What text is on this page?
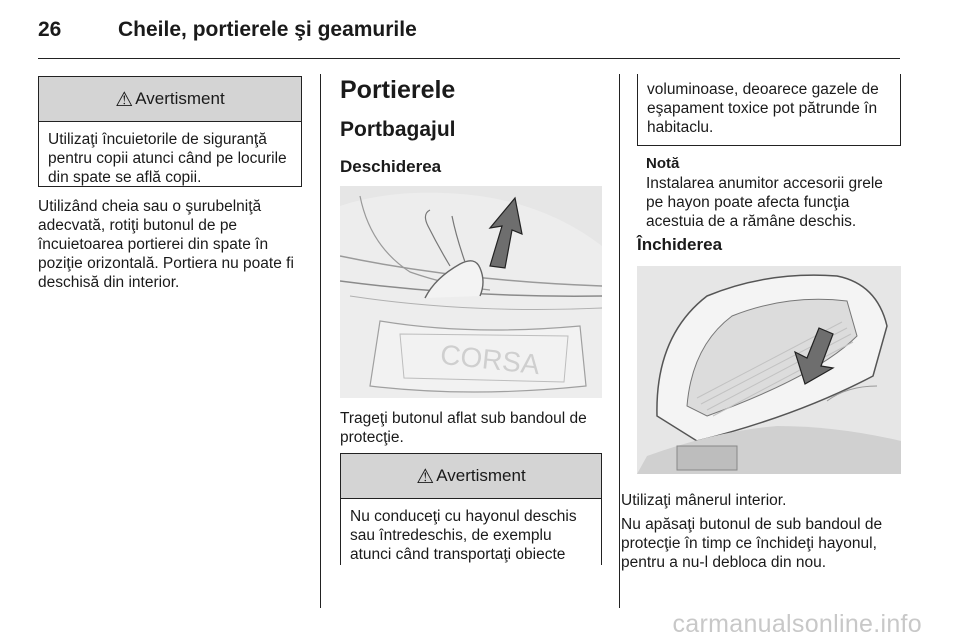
26	Cheile, portierele şi geamurile
⚠ Avertisment
Utilizaţi încuietorile de siguranţă pentru copii atunci când pe locurile din spate se află copii.
Utilizând cheia sau o şurubelniţă adecvată, rotiţi butonul de pe încuietoarea portierei din spate în poziţie orizontală. Portiera nu poate fi deschisă din interior.
Portierele
Portbagajul
Deschiderea
CORSA
Trageţi butonul aflat sub bandoul de protecţie.
⚠ Avertisment
Nu conduceţi cu hayonul deschis sau întredeschis, de exemplu atunci când transportaţi obiecte
voluminoase, deoarece gazele de eşapament toxice pot pătrunde în habitaclu.
Notă
Instalarea anumitor accesorii grele pe hayon poate afecta funcţia acestuia de a rămâne deschis.
Închiderea
Utilizaţi mânerul interior.
Nu apăsaţi butonul de sub bandoul de protecţie în timp ce închideţi hayonul, pentru a nu-l debloca din nou.
carmanualsonline.info
